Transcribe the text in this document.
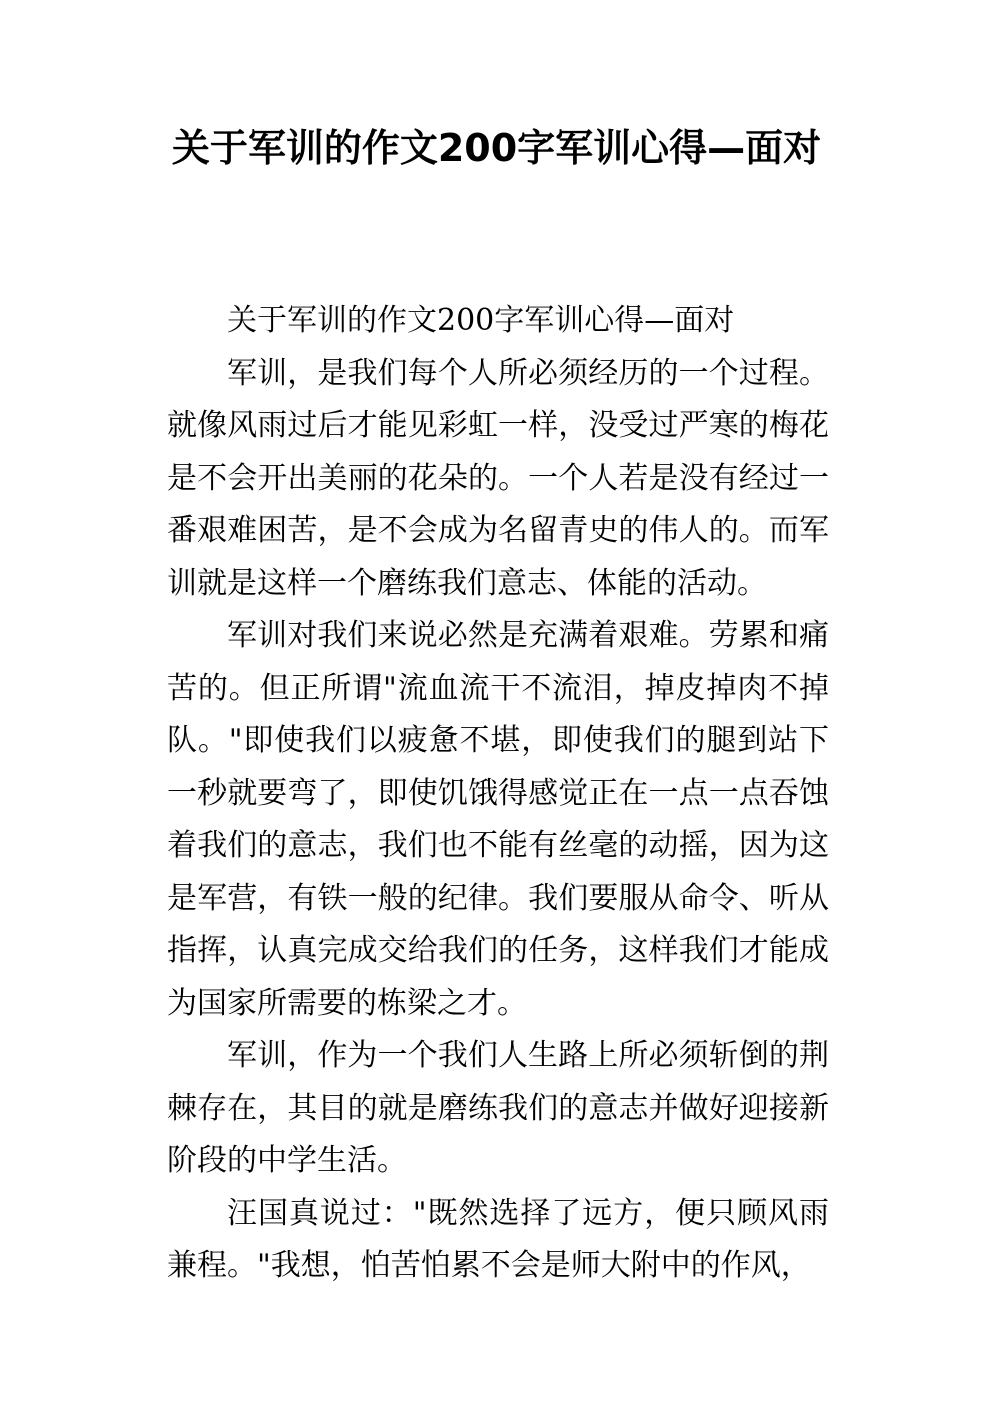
关于军训的作文200字军训心得—面对

关于军训的作文200字军训心得—面对

军训，是我们每个人所必须经历的一个过程。就像风雨过后才能见彩虹一样，没受过严寒的梅花是不会开出美丽的花朵的。一个人若是没有经过一番艰难困苦，是不会成为名留青史的伟人的。而军训就是这样一个磨练我们意志、体能的活动。

军训对我们来说必然是充满着艰难。劳累和痛苦的。但正所谓"流血流干不流泪，掉皮掉肉不掉队。"即使我们以疲惫不堪，即使我们的腿到站下一秒就要弯了，即使饥饿得感觉正在一点一点吞蚀着我们的意志，我们也不能有丝毫的动摇，因为这是军营，有铁一般的纪律。我们要服从命令、听从指挥，认真完成交给我们的任务，这样我们才能成为国家所需要的栋梁之才。

军训，作为一个我们人生路上所必须斩倒的荆棘存在，其目的就是磨练我们的意志并做好迎接新阶段的中学生活。

汪国真说过："既然选择了远方，便只顾风雨兼程。"我想，怕苦怕累不会是师大附中的作风，
